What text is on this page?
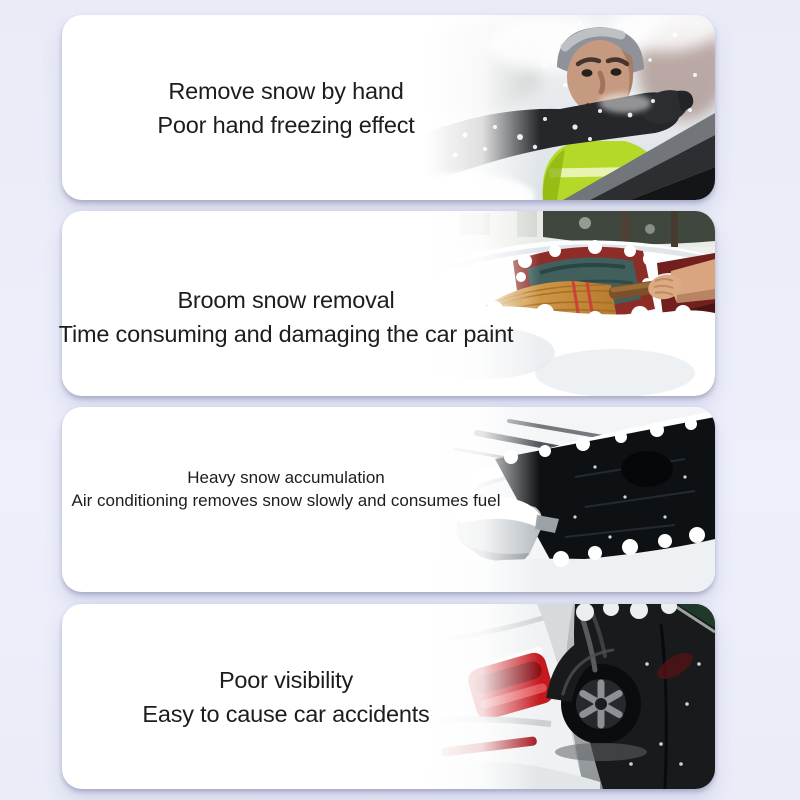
Remove snow by hand
Poor hand freezing effect
Broom snow removal
Time consuming and damaging the car paint
Heavy snow accumulation
Air conditioning removes snow slowly and consumes fuel
Poor visibility
Easy to cause car accidents
